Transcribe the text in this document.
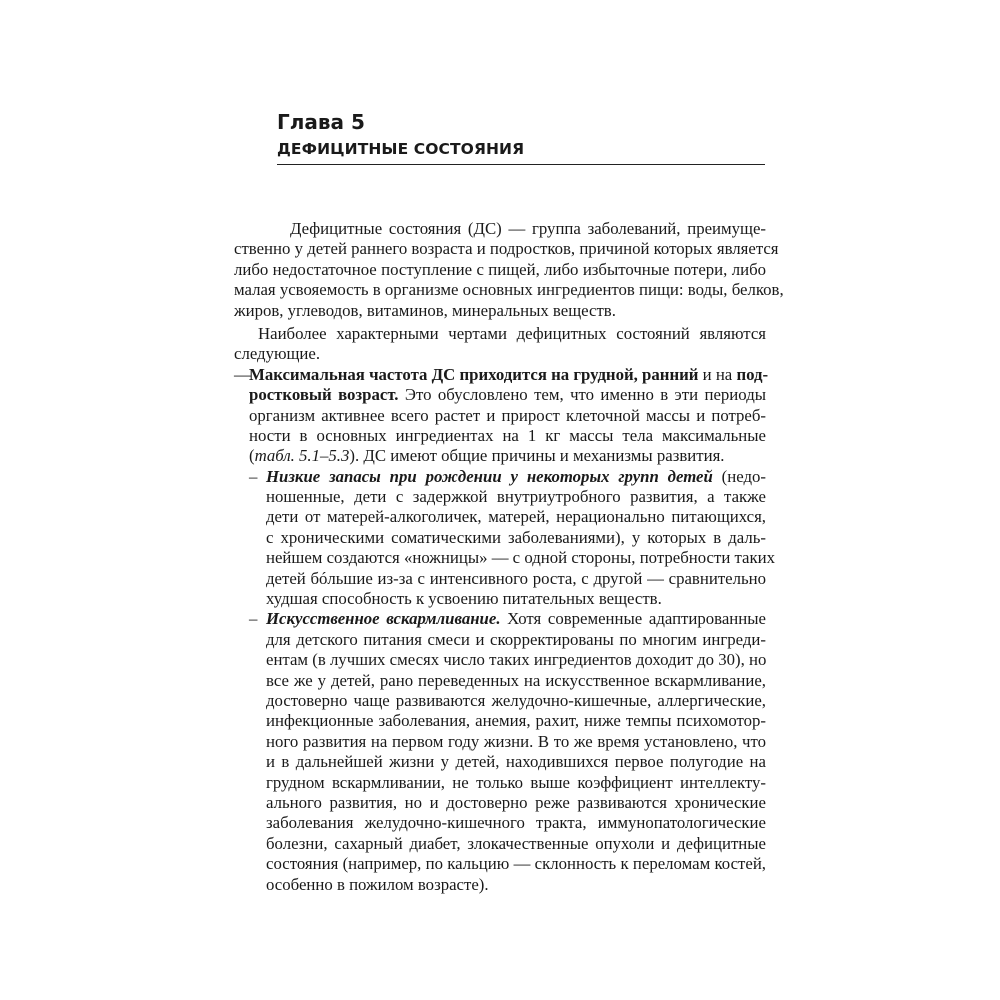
Глава 5
ДЕФИЦИТНЫЕ СОСТОЯНИЯ
Дефицитные состояния (ДС) — группа заболеваний, преимуще-
ственно у детей раннего возраста и подростков, причиной которых является
либо недостаточное поступление с пищей, либо избыточные потери, либо
малая усвояемость в организме основных ингредиентов пищи: воды, белков,
жиров, углеводов, витаминов, минеральных веществ.
Наиболее характерными чертами дефицитных состояний являются
следующие.
—Максимальная частота ДС приходится на грудной, ранний и на под-
ростковый возраст. Это обусловлено тем, что именно в эти периоды
организм активнее всего растет и прирост клеточной массы и потреб-
ности в основных ингредиентах на 1 кг массы тела максимальные
(табл. 5.1–5.3). ДС имеют общие причины и механизмы развития.
– Низкие запасы при рождении у некоторых групп детей (недо-
ношенные, дети с задержкой внутриутробного развития, а также
дети от матерей-алкоголичек, матерей, нерационально питающихся,
с хроническими соматическими заболеваниями), у которых в даль-
нейшем создаются «ножницы» — с одной стороны, потребности таких
детей бóльшие из-за с интенсивного роста, с другой — сравнительно
худшая способность к усвоению питательных веществ.
– Искусственное вскармливание. Хотя современные адаптированные
для детского питания смеси и скорректированы по многим ингреди-
ентам (в лучших смесях число таких ингредиентов доходит до 30), но
все же у детей, рано переведенных на искусственное вскармливание,
достоверно чаще развиваются желудочно-кишечные, аллергические,
инфекционные заболевания, анемия, рахит, ниже темпы психомотор-
ного развития на первом году жизни. В то же время установлено, что
и в дальнейшей жизни у детей, находившихся первое полугодие на
грудном вскармливании, не только выше коэффициент интеллекту-
ального развития, но и достоверно реже развиваются хронические
заболевания желудочно-кишечного тракта, иммунопатологические
болезни, сахарный диабет, злокачественные опухоли и дефицитные
состояния (например, по кальцию — склонность к переломам костей,
особенно в пожилом возрасте).
